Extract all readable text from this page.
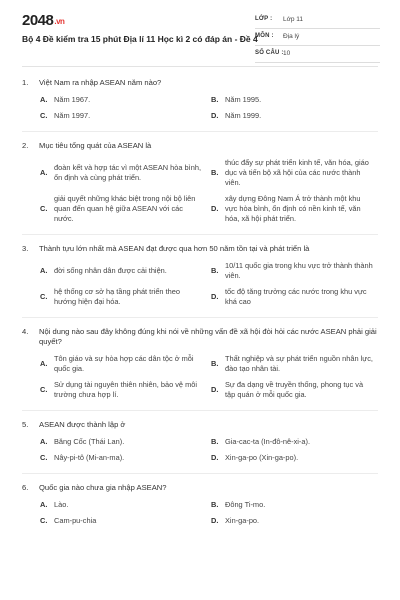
2048.vn
Bộ 4 Đề kiểm tra 15 phút Địa lí 11 Học kì 2 có đáp án - Đề 4
LỚP : Lớp 11
MÔN : Địa lý
SỐ CÂU : 10
1.	Việt Nam ra nhập ASEAN năm nào?
A. Năm 1967.	B. Năm 1995.
C. Năm 1997.	D. Năm 1999.
2.	Mục tiêu tổng quát của ASEAN là
A.
đoàn kết và hợp tác vì một ASEAN hòa bình, ổn định và cùng phát triển.
B.
thúc đẩy sự phát triển kinh tế, văn hóa, giáo dục và tiến bộ xã hội của các nước thành viên.
C.
giải quyết những khác biệt trong nội bộ liên quan đến quan hệ giữa ASEAN với các nước.
D.
xây dựng Đông Nam Á trở thành một khu vực hòa bình, ổn định có nền kinh tế, văn hóa, xã hội phát triển.
3.	Thành tựu lớn nhất mà ASEAN đạt được qua hơn 50 năm tồn tại và phát triển là
A. đời sống nhân dân được cải thiện.	B.
10/11 quốc gia trong khu vực trở thành thành viên.
C.
hệ thống cơ sở hạ tầng phát triển theo hướng hiện đại hóa.
D.
tốc độ tăng trưởng các nước trong khu vực khá cao
4.	Nội dung nào sau đây không đúng khi nói về những vấn đề xã hội đòi hỏi các nước ASEAN phải giải quyết?
A.
Tôn giáo và sự hòa hợp các dân tộc ở mỗi quốc gia.
B.
Thất nghiệp và sự phát triển nguồn nhân lực, đào tạo nhân tài.
C.
Sử dụng tài nguyên thiên nhiên, bảo vệ môi trường chưa hợp lí.
D.
Sự đa dạng về truyền thống, phong tục và tập quán ở mỗi quốc gia.
5.	ASEAN được thành lập ở
A. Băng Cốc (Thái Lan).	B. Gia-cac-ta (In-đô-nê-xi-a).
C. Nây-pi-tô (Mi-an-ma).	D. Xin-ga-po (Xin-ga-po).
6.	Quốc gia nào chưa gia nhập ASEAN?
A. Lào.	B. Đông Ti-mo.
C. Cam-pu-chia	D. Xin-ga-po.
